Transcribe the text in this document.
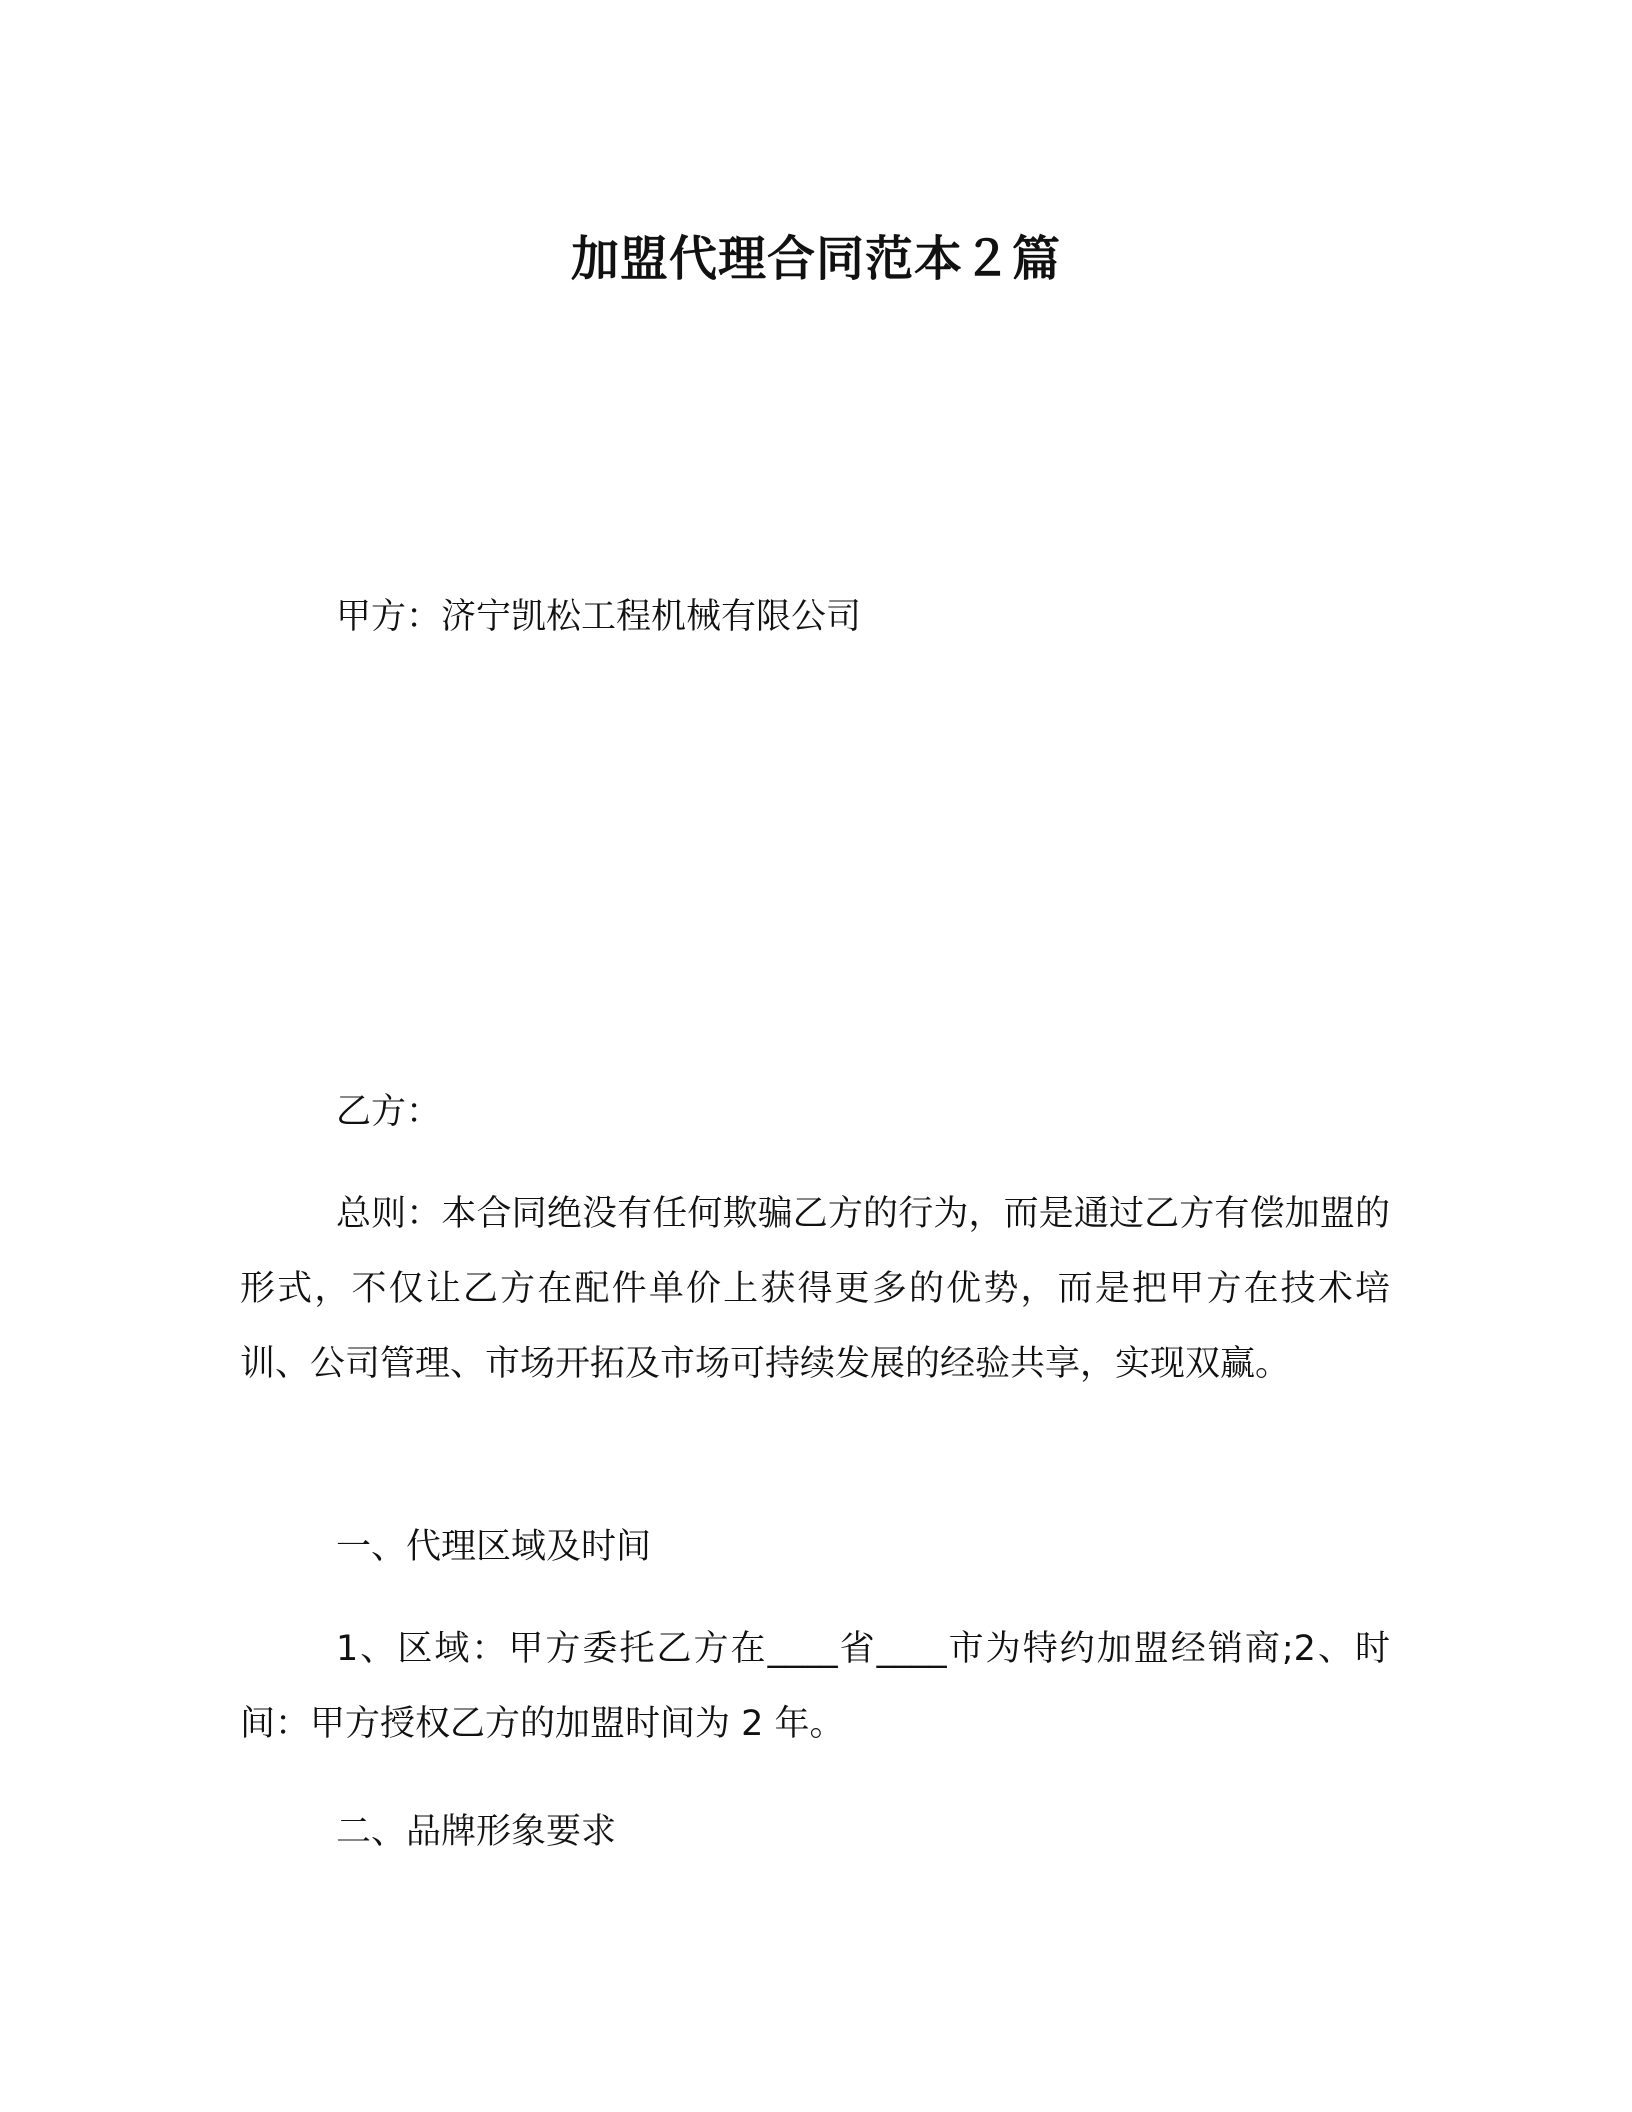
加盟代理合同范本２篇
甲方：济宁凯松工程机械有限公司
乙方：
总则：本合同绝没有任何欺骗乙方的行为，而是通过乙方有偿加盟的形式，不仅让乙方在配件单价上获得更多的优势，而是把甲方在技术培训、公司管理、市场开拓及市场可持续发展的经验共享，实现双赢。
一、代理区域及时间
1、区域：甲方委托乙方在____省____市为特约加盟经销商;2、时间：甲方授权乙方的加盟时间为 2 年。
二、品牌形象要求
